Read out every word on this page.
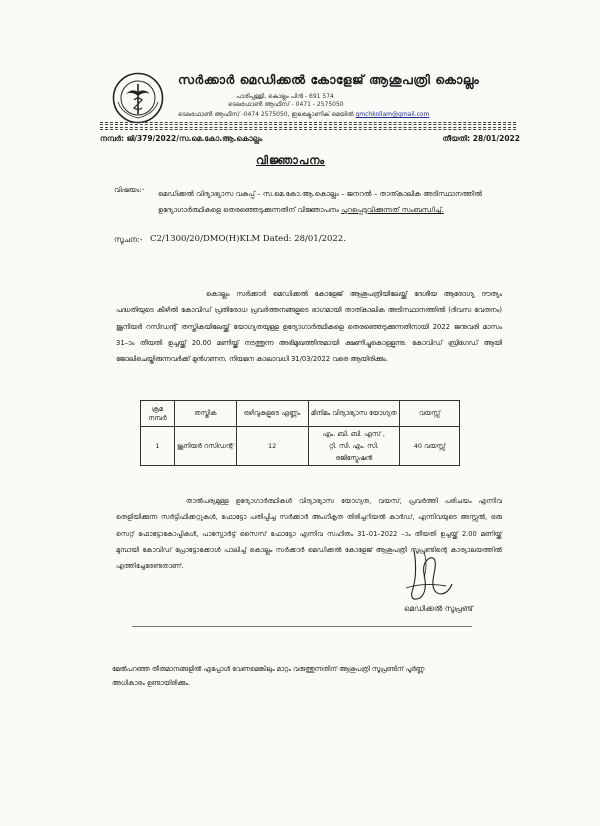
സർക്കാർ മെഡിക്കൽ കോളേജ് ആശുപത്രി കൊല്ലം
പാരിപ്പള്ളി, കൊല്ലം പിൻ - 691 574
ടെലഫോൺ ആഫീസ് - 0471 - 2575050
ടെലഫോൺ ആഫീസ് -0474 2575050, ഇലക്ട്രോണിക് മെയിൽ gmchkollam@gmail.com
നമ്പർ: ജി/379/2022/സ.മെ.കോ.ആ.കൊല്ലം	തീയതി: 28/01/2022
വിജ്ഞാപനം
വിഷയം:- മെഡിക്കൽ വിദ്യാഭ്യാസ വകുപ്പ് – സ.മെ.കോ.ആ.കൊല്ലം – ജനറൽ – താത്കാലിക അടിസ്ഥാനത്തിൽ ഉദ്യോഗാർത്ഥികളെ തെരഞ്ഞെടുക്കുന്നതിന് വിജ്ഞാപനം പുറപ്പെടുവിക്കുന്നത് സംബന്ധിച്ച്.
സൂചന:- C2/1300/20/DMO(H)KLM Dated: 28/01/2022.
കൊല്ലം സർക്കാർ മെഡിക്കൽ കോളേജ് ആശുപത്രിയിലേയ്ക്ക് ദേശീയ ആരോഗ്യ ദൗത്യം പദ്ധതിയുടെ കീഴിൽ കോവിഡ് പ്രതിരോധ പ്രവർത്തനങ്ങളുടെ ഭാഗമായി താത്കാലിക അടിസ്ഥാനത്തിൽ (ദിവസ വേതനം) ജൂനിയർ റസിഡന്റ് തസ്തികയിലേയ്ക്ക് യോഗ്യതയുള്ള ഉദ്യോഗാർത്ഥികളെ തെരഞ്ഞെടുക്കുന്നതിനായി 2022 ജനുവരി മാസം 31–ാം തീയതി ഉച്ചയ്ക്ക് 20.00 മണിയ്ക്ക് നടത്തുന്ന അഭിമുഖത്തിനുമായി ക്ഷണിച്ചുകൊള്ളുന്നു. കോവിഡ് ബ്രിഗേഡ് ആയി ജോലിചെയ്തിരുന്നവർക്ക് മുൻഗണന. നിയമന കാലാവധി 31/03/2022 വരെ ആയിരിക്കും.
ക്രമ നമ്പർ	തസ്തിക	ഒഴിവുകളുടെ എണ്ണം	മിനിമം വിദ്യാഭ്യാസ യോഗ്യത	വയസ്സ്
1	ജൂനിയർ റസിഡന്റ്	12	എം. ബി. ബി. എസ് ,
റ്റി. സി. എം. സി.
രജിസ്ട്രേഷൻ	40 വയസ്സ്
താൽപര്യമുള്ള ഉദ്യോഗാർത്ഥികൾ വിദ്യാഭ്യാസ യോഗ്യത, വയസ്, പ്രവർത്തി പരിചയം എന്നിവ തെളിയിക്കുന്ന സർട്ടിഫിക്കറ്റുകൾ, ഫോട്ടോ പതിപ്പിച്ച സർക്കാർ അംഗീകൃത തിരിച്ചറിയൽ കാർഡ്, എന്നിവയുടെ അസ്സൽ, ഒരു സെറ്റ് ഫോട്ടോകോപ്പികൾ, പാസ്പോർട്ട് സൈസ് ഫോട്ടോ എന്നിവ സഹിതം 31–01–2022 –ാം തീയതി ഉച്ചയ്ക്ക് 2.00 മണിയ്ക്ക് മുമ്പായി കോവിഡ് പ്രോട്ടോക്കോൾ പാലിച്ച് കൊല്ലം സർക്കാർ മെഡിക്കൽ കോളേജ് ആശുപത്രി സൂപ്രണ്ടിന്റെ കാര്യാലയത്തിൽ എത്തിച്ചേരേണ്ടതാണ്.
മെഡിക്കൽ സൂപ്രണ്ട്
മേൽപറഞ്ഞ തീരുമാനങ്ങളിൽ എപ്പോൾ വേണമെങ്കിലും മാറ്റം വരുത്തുന്നതിന് ആശുപത്രി സൂപ്രണ്ടിന് പൂർണ്ണ അധികാരം ഉണ്ടായിരിക്കും.
